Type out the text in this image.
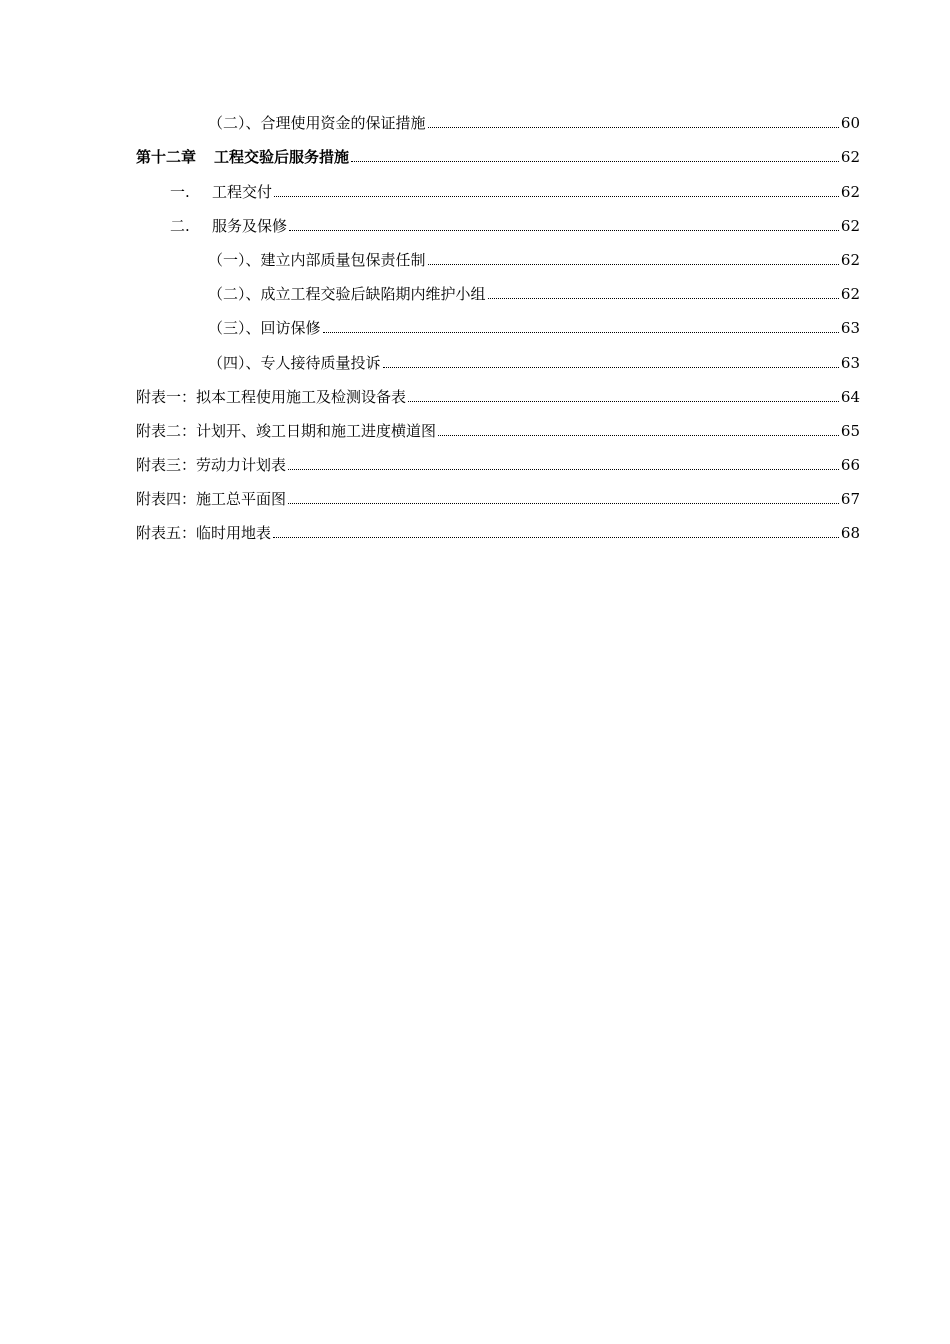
（二）、合理使用资金的保证措施	60
第十二章 工程交验后服务措施	62
一.	工程交付	62
二.	服务及保修	62
（一）、建立内部质量包保责任制	62
（二）、成立工程交验后缺陷期内维护小组	62
（三）、回访保修	63
（四）、专人接待质量投诉	63
附表一：拟本工程使用施工及检测设备表	64
附表二：计划开、竣工日期和施工进度横道图	65
附表三：劳动力计划表	66
附表四：施工总平面图	67
附表五：临时用地表	68
